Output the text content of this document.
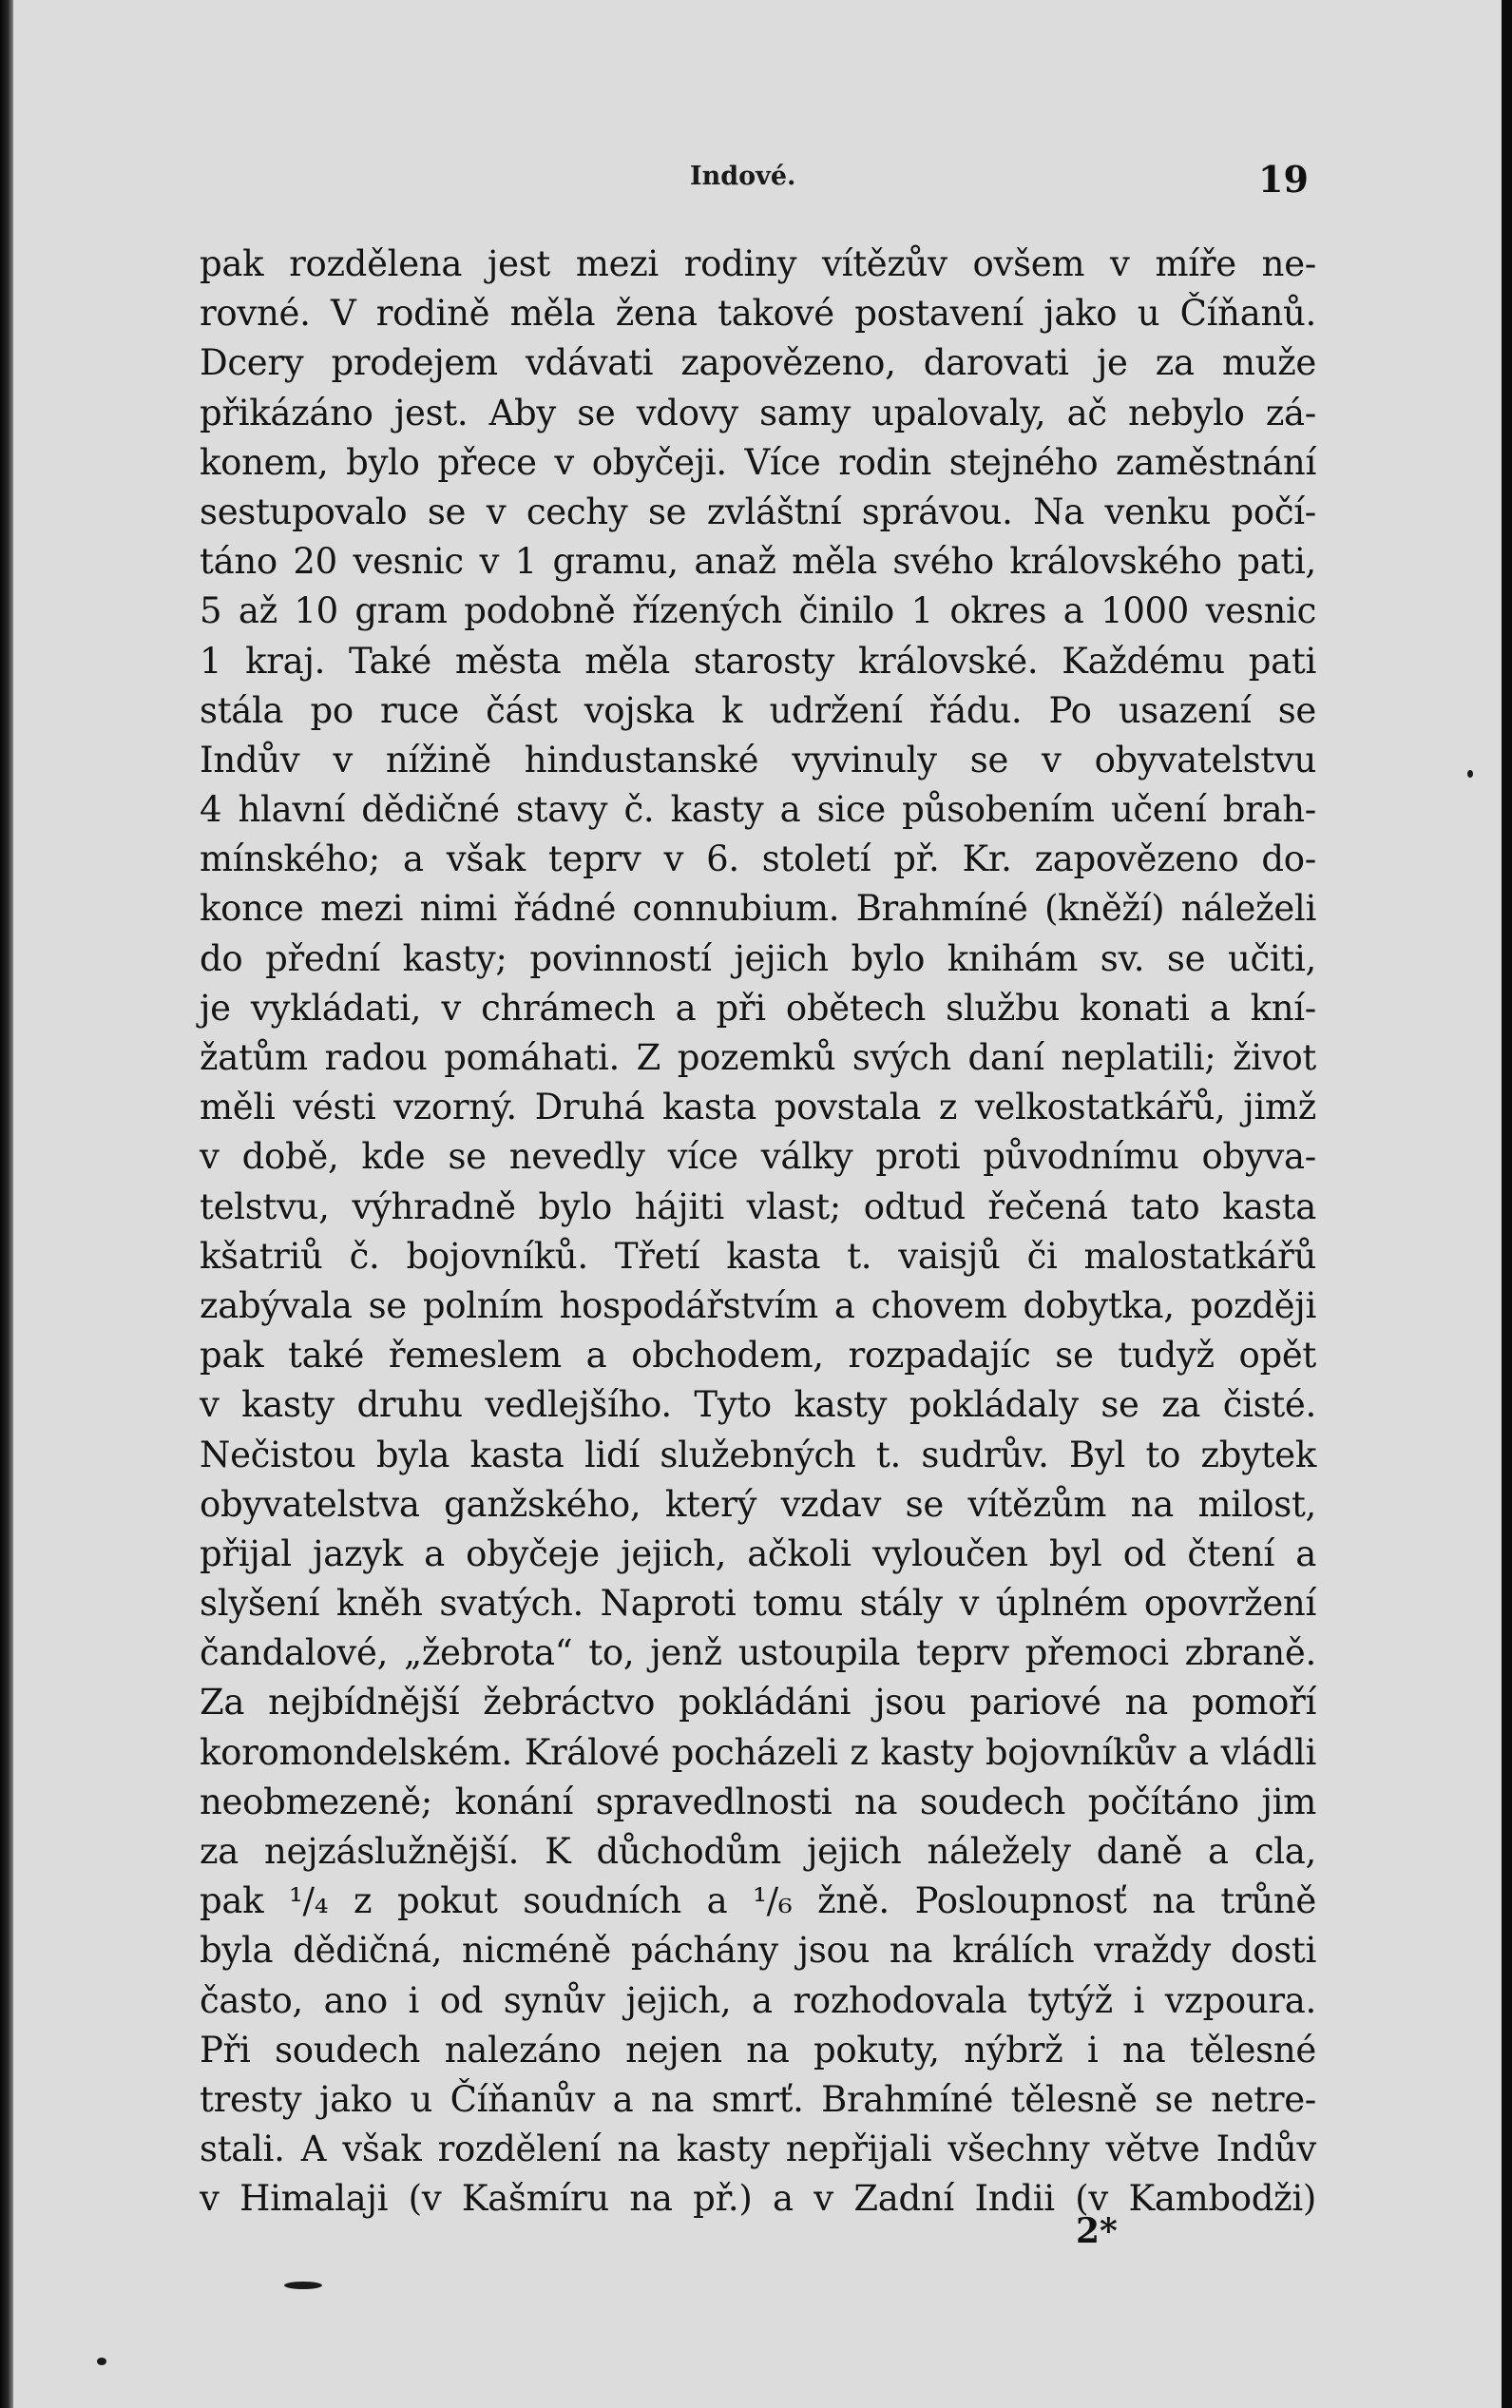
Indové.	19
pak rozdělena jest mezi rodiny vítězův ovšem v míře ne-
rovné. V rodině měla žena takové postavení jako u Číňanů.
Dcery prodejem vdávati zapovězeno, darovati je za muže
přikázáno jest. Aby se vdovy samy upalovaly, ač nebylo zá-
konem, bylo přece v obyčeji. Více rodin stejného zaměstnání
sestupovalo se v cechy se zvláštní správou. Na venku počí-
táno 20 vesnic v 1 gramu, anaž měla svého královského pati,
5 až 10 gram podobně řízených činilo 1 okres a 1000 vesnic
1 kraj. Také města měla starosty královské. Každému pati
stála po ruce část vojska k udržení řádu. Po usazení se
Indův v nížině hindustanské vyvinuly se v obyvatelstvu
4 hlavní dědičné stavy č. kasty a sice působením učení brah-
mínského; a však teprv v 6. století př. Kr. zapovězeno do-
konce mezi nimi řádné connubium. Brahmíné (kněží) náleželi
do přední kasty; povinností jejich bylo knihám sv. se učiti,
je vykládati, v chrámech a při obětech službu konati a kní-
žatům radou pomáhati. Z pozemků svých daní neplatili; život
měli vésti vzorný. Druhá kasta povstala z velkostatkářů, jimž
v době, kde se nevedly více války proti původnímu obyva-
telstvu, výhradně bylo hájiti vlast; odtud řečená tato kasta
kšatriů č. bojovníků. Třetí kasta t. vaisjů či malostatkářů
zabývala se polním hospodářstvím a chovem dobytka, později
pak také řemeslem a obchodem, rozpadajíc se tudyž opět
v kasty druhu vedlejšího. Tyto kasty pokládaly se za čisté.
Nečistou byla kasta lidí služebných t. sudrův. Byl to zbytek
obyvatelstva ganžského, který vzdav se vítězům na milost,
přijal jazyk a obyčeje jejich, ačkoli vyloučen byl od čtení a
slyšení kněh svatých. Naproti tomu stály v úplném opovržení
čandalové, „žebrota“ to, jenž ustoupila teprv přemoci zbraně.
Za nejbídnější žebráctvo pokládáni jsou pariové na pomoří
koromondelském. Králové pocházeli z kasty bojovníkův a vládli
neobmezeně; konání spravedlnosti na soudech počítáno jim
za nejzáslužnější. K důchodům jejich náležely daně a cla,
pak ¹/₄ z pokut soudních a ¹/₆ žně. Posloupnosť na trůně
byla dědičná, nicméně páchány jsou na králích vraždy dosti
často, ano i od synův jejich, a rozhodovala tytýž i vzpoura.
Při soudech nalezáno nejen na pokuty, nýbrž i na tělesné
tresty jako u Číňanův a na smrť. Brahmíné tělesně se netre-
stali. A však rozdělení na kasty nepřijali všechny větve Indův
v Himalaji (v Kašmíru na př.) a v Zadní Indii (v Kambodži)
2*
